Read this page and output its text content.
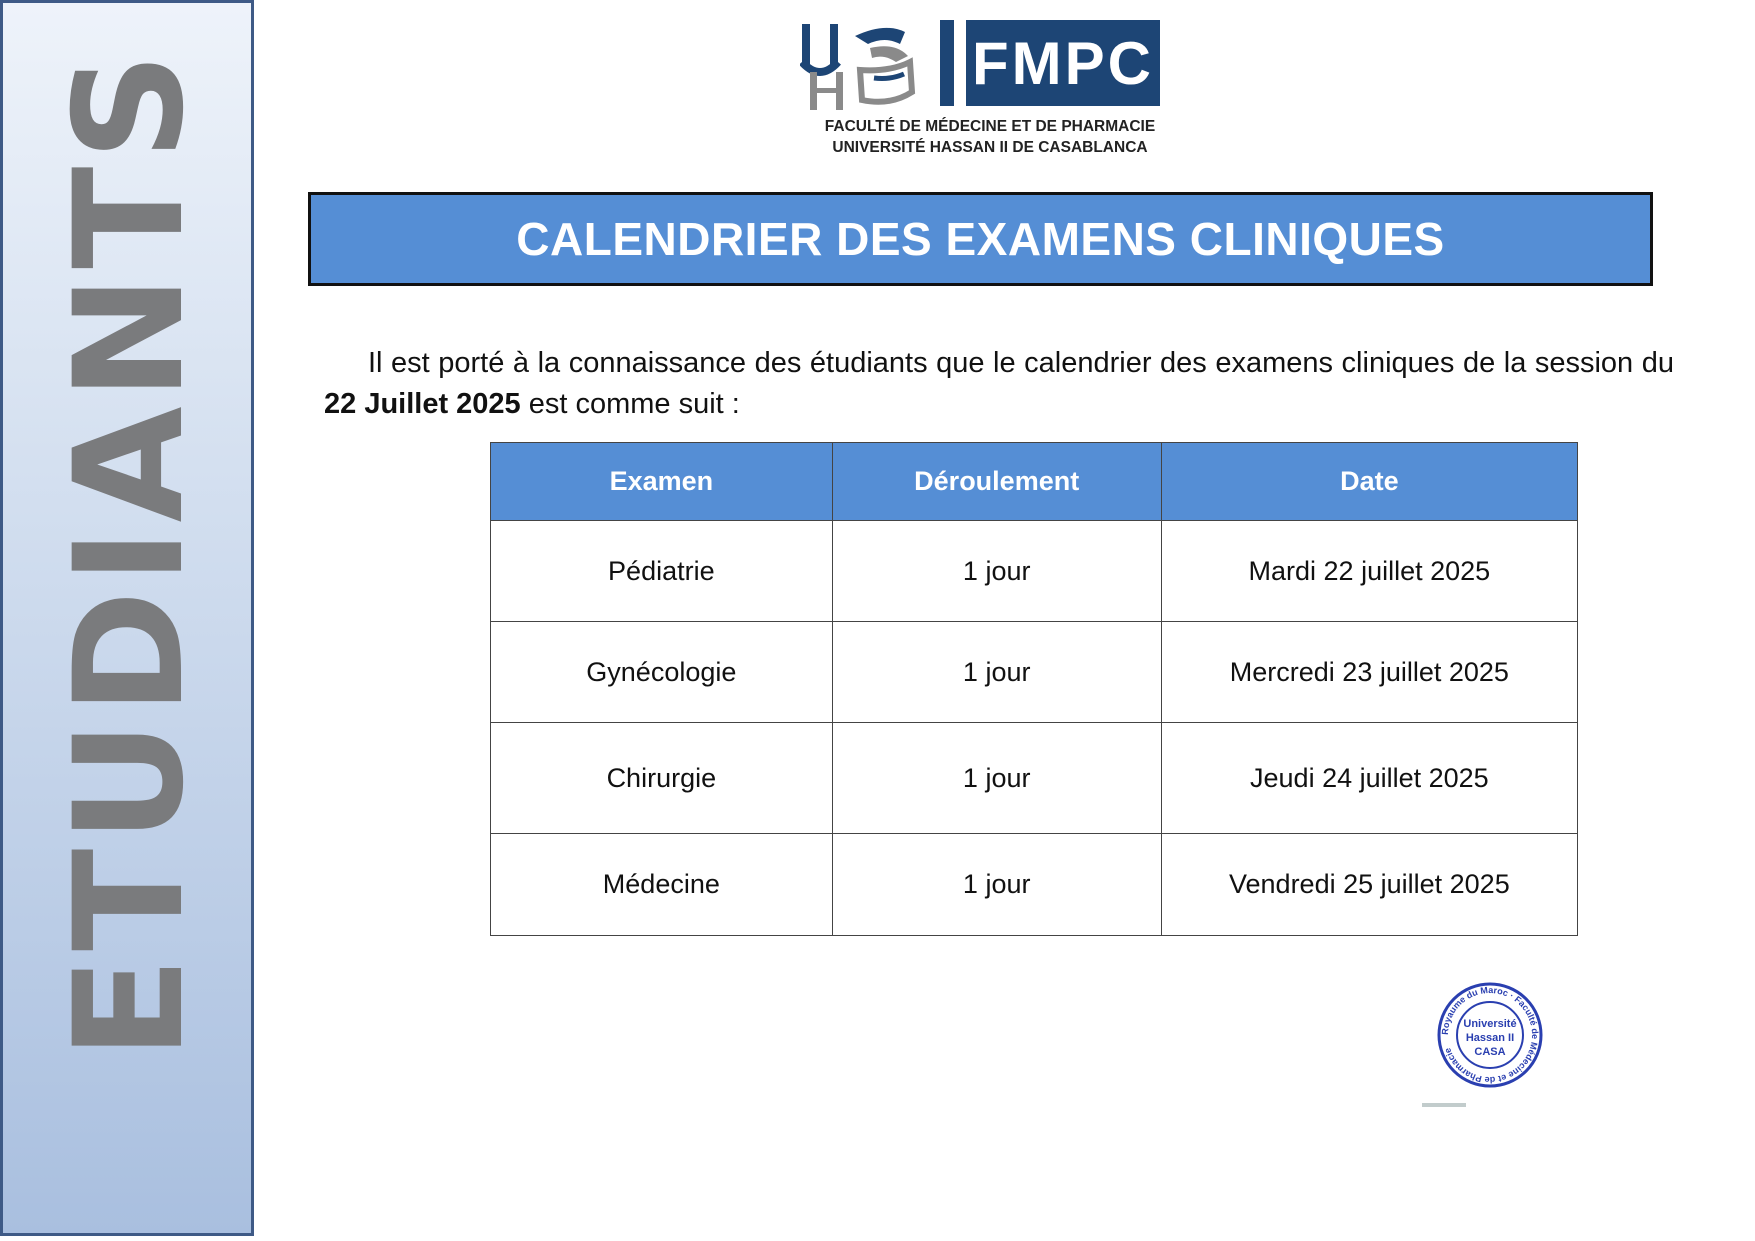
ETUDIANTS	FMPC
FACULTÉ DE MÉDECINE ET DE PHARMACIE
UNIVERSITÉ HASSAN II DE CASABLANCA
CALENDRIER DES EXAMENS CLINIQUES

Il est porté à la connaissance des étudiants que le calendrier des examens cliniques de la session du 22 Juillet 2025 est comme suit :

Examen	Déroulement	Date
Pédiatrie	1 jour	Mardi 22 juillet 2025
Gynécologie	1 jour	Mercredi 23 juillet 2025
Chirurgie	1 jour	Jeudi 24 juillet 2025
Médecine	1 jour	Vendredi 25 juillet 2025
Royaume du Maroc · Faculté de Médecine et de Pharmacie
Université
Hassan II
CASA
